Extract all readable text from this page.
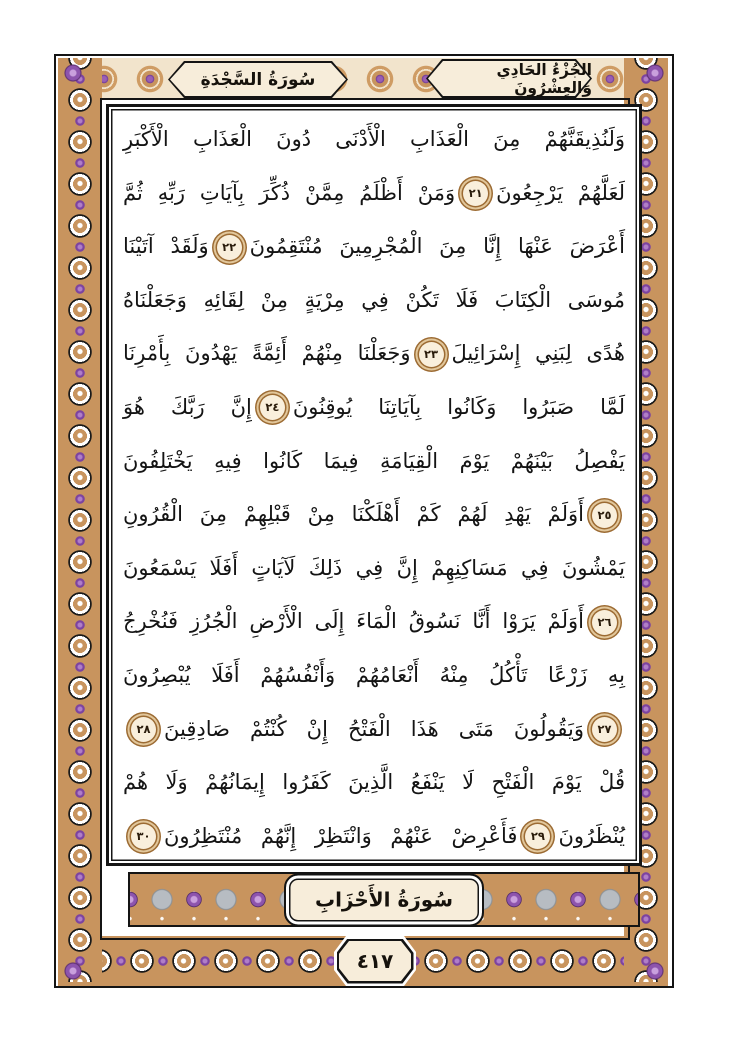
سُورَةُ السَّجْدَةِ	الجُزْءُ الحَادِي وَالعِشْرُونَ
وَلَنُذِيقَنَّهُمْ مِنَ الْعَذَابِ الْأَدْنَى دُونَ الْعَذَابِ الْأَكْبَرِ
لَعَلَّهُمْ يَرْجِعُونَ٢١وَمَنْ أَظْلَمُ مِمَّنْ ذُكِّرَ بِآيَاتِ رَبِّهِ ثُمَّ
أَعْرَضَ عَنْهَا إِنَّا مِنَ الْمُجْرِمِينَ مُنْتَقِمُونَ٢٢وَلَقَدْ آتَيْنَا
مُوسَى الْكِتَابَ فَلَا تَكُنْ فِي مِرْيَةٍ مِنْ لِقَائِهِ وَجَعَلْنَاهُ
هُدًى لِبَنِي إِسْرَائِيلَ٢٣وَجَعَلْنَا مِنْهُمْ أَئِمَّةً يَهْدُونَ بِأَمْرِنَا
لَمَّا صَبَرُوا وَكَانُوا بِآيَاتِنَا يُوقِنُونَ٢٤إِنَّ رَبَّكَ هُوَ
يَفْصِلُ بَيْنَهُمْ يَوْمَ الْقِيَامَةِ فِيمَا كَانُوا فِيهِ يَخْتَلِفُونَ
٢٥أَوَلَمْ يَهْدِ لَهُمْ كَمْ أَهْلَكْنَا مِنْ قَبْلِهِمْ مِنَ الْقُرُونِ
يَمْشُونَ فِي مَسَاكِنِهِمْ إِنَّ فِي ذَلِكَ لَآيَاتٍ أَفَلَا يَسْمَعُونَ
٢٦أَوَلَمْ يَرَوْا أَنَّا نَسُوقُ الْمَاءَ إِلَى الْأَرْضِ الْجُرُزِ فَنُخْرِجُ
بِهِ زَرْعًا تَأْكُلُ مِنْهُ أَنْعَامُهُمْ وَأَنْفُسُهُمْ أَفَلَا يُبْصِرُونَ
٢٧وَيَقُولُونَ مَتَى هَذَا الْفَتْحُ إِنْ كُنْتُمْ صَادِقِينَ٢٨
قُلْ يَوْمَ الْفَتْحِ لَا يَنْفَعُ الَّذِينَ كَفَرُوا إِيمَانُهُمْ وَلَا هُمْ
يُنْظَرُونَ٢٩فَأَعْرِضْ عَنْهُمْ وَانْتَظِرْ إِنَّهُمْ مُنْتَظِرُونَ٣٠
سُورَةُ الأَحْزَابِ
٤١٧
